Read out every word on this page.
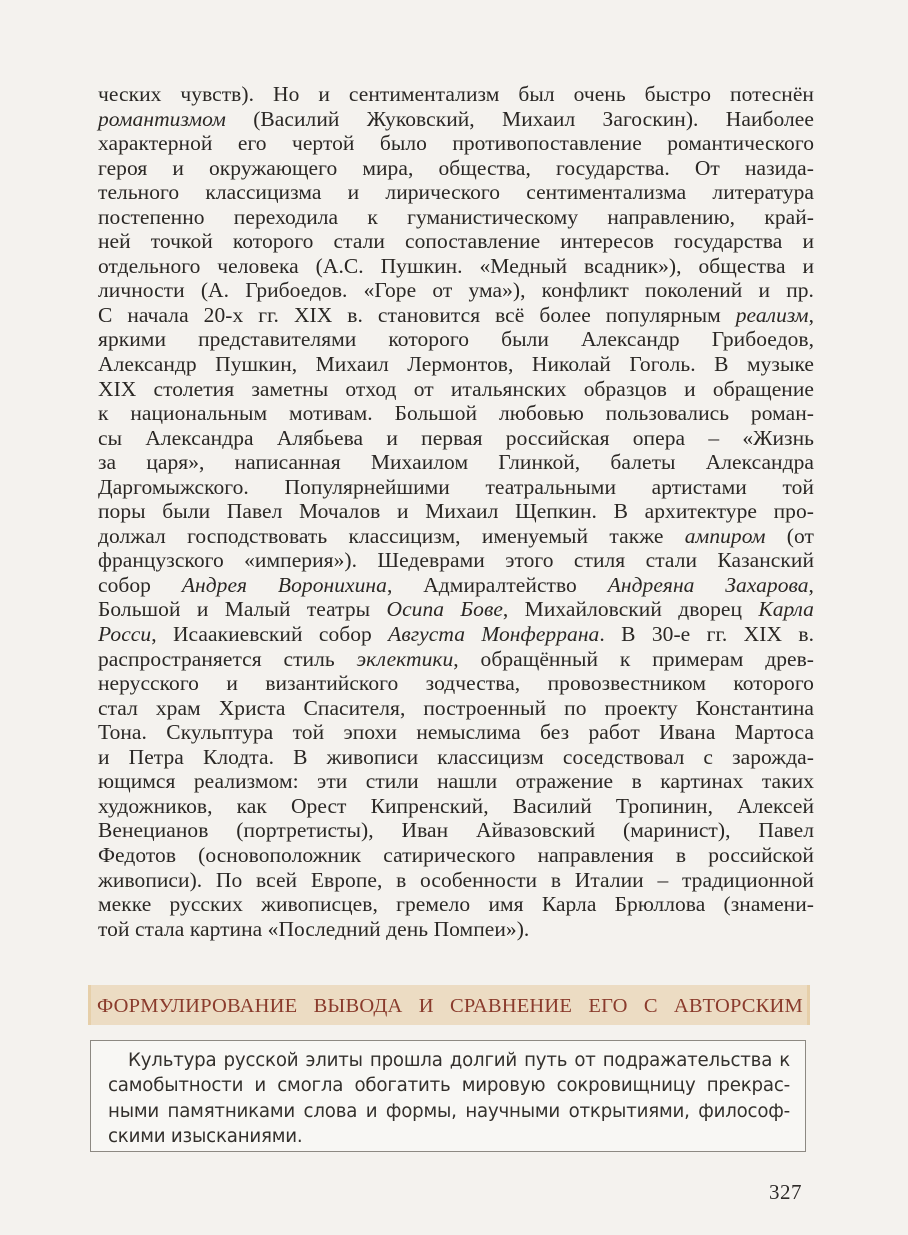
ческих чувств). Но и сентиментализм был очень быстро потеснён
романтизмом (Василий Жуковский, Михаил Загоскин). Наиболее
характерной его чертой было противопоставление романтического
героя и окружающего мира, общества, государства. От назида-
тельного классицизма и лирического сентиментализма литература
постепенно переходила к гуманистическому направлению, край-
ней точкой которого стали сопоставление интересов государства и
отдельного человека (А.С. Пушкин. «Медный всадник»), общества и
личности (А. Грибоедов. «Горе от ума»), конфликт поколений и пр.
С начала 20-х гг. XIX в. становится всё более популярным реализм,
яркими представителями которого были Александр Грибоедов,
Александр Пушкин, Михаил Лермонтов, Николай Гоголь. В музыке
XIX столетия заметны отход от итальянских образцов и обращение
к национальным мотивам. Большой любовью пользовались роман-
сы Александра Алябьева и первая российская опера – «Жизнь
за царя», написанная Михаилом Глинкой, балеты Александра
Даргомыжского. Популярнейшими театральными артистами той
поры были Павел Мочалов и Михаил Щепкин. В архитектуре про-
должал господствовать классицизм, именуемый также ампиром (от
французского «империя»). Шедеврами этого стиля стали Казанский
собор Андрея Воронихина, Адмиралтейство Андреяна Захарова,
Большой и Малый театры Осипа Бове, Михайловский дворец Карла
Росси, Исаакиевский собор Августа Монферрана. В 30-е гг. XIX в.
распространяется стиль эклектики, обращённый к примерам древ-
нерусского и византийского зодчества, провозвестником которого
стал храм Христа Спасителя, построенный по проекту Константина
Тона. Скульптура той эпохи немыслима без работ Ивана Мартоса
и Петра Клодта. В живописи классицизм соседствовал с зарожда-
ющимся реализмом: эти стили нашли отражение в картинах таких
художников, как Орест Кипренский, Василий Тропинин, Алексей
Венецианов (портретисты), Иван Айвазовский (маринист), Павел
Федотов (основоположник сатирического направления в российской
живописи). По всей Европе, в особенности в Италии – традиционной
мекке русских живописцев, гремело имя Карла Брюллова (знамени-
той стала картина «Последний день Помпеи»).
ФОРМУЛИРОВАНИЕ ВЫВОДА И СРАВНЕНИЕ ЕГО С АВТОРСКИМ
Культура русской элиты прошла долгий путь от подражательства к
самобытности и смогла обогатить мировую сокровищницу прекрас-
ными памятниками слова и формы, научными открытиями, философ-
скими изысканиями.
327
